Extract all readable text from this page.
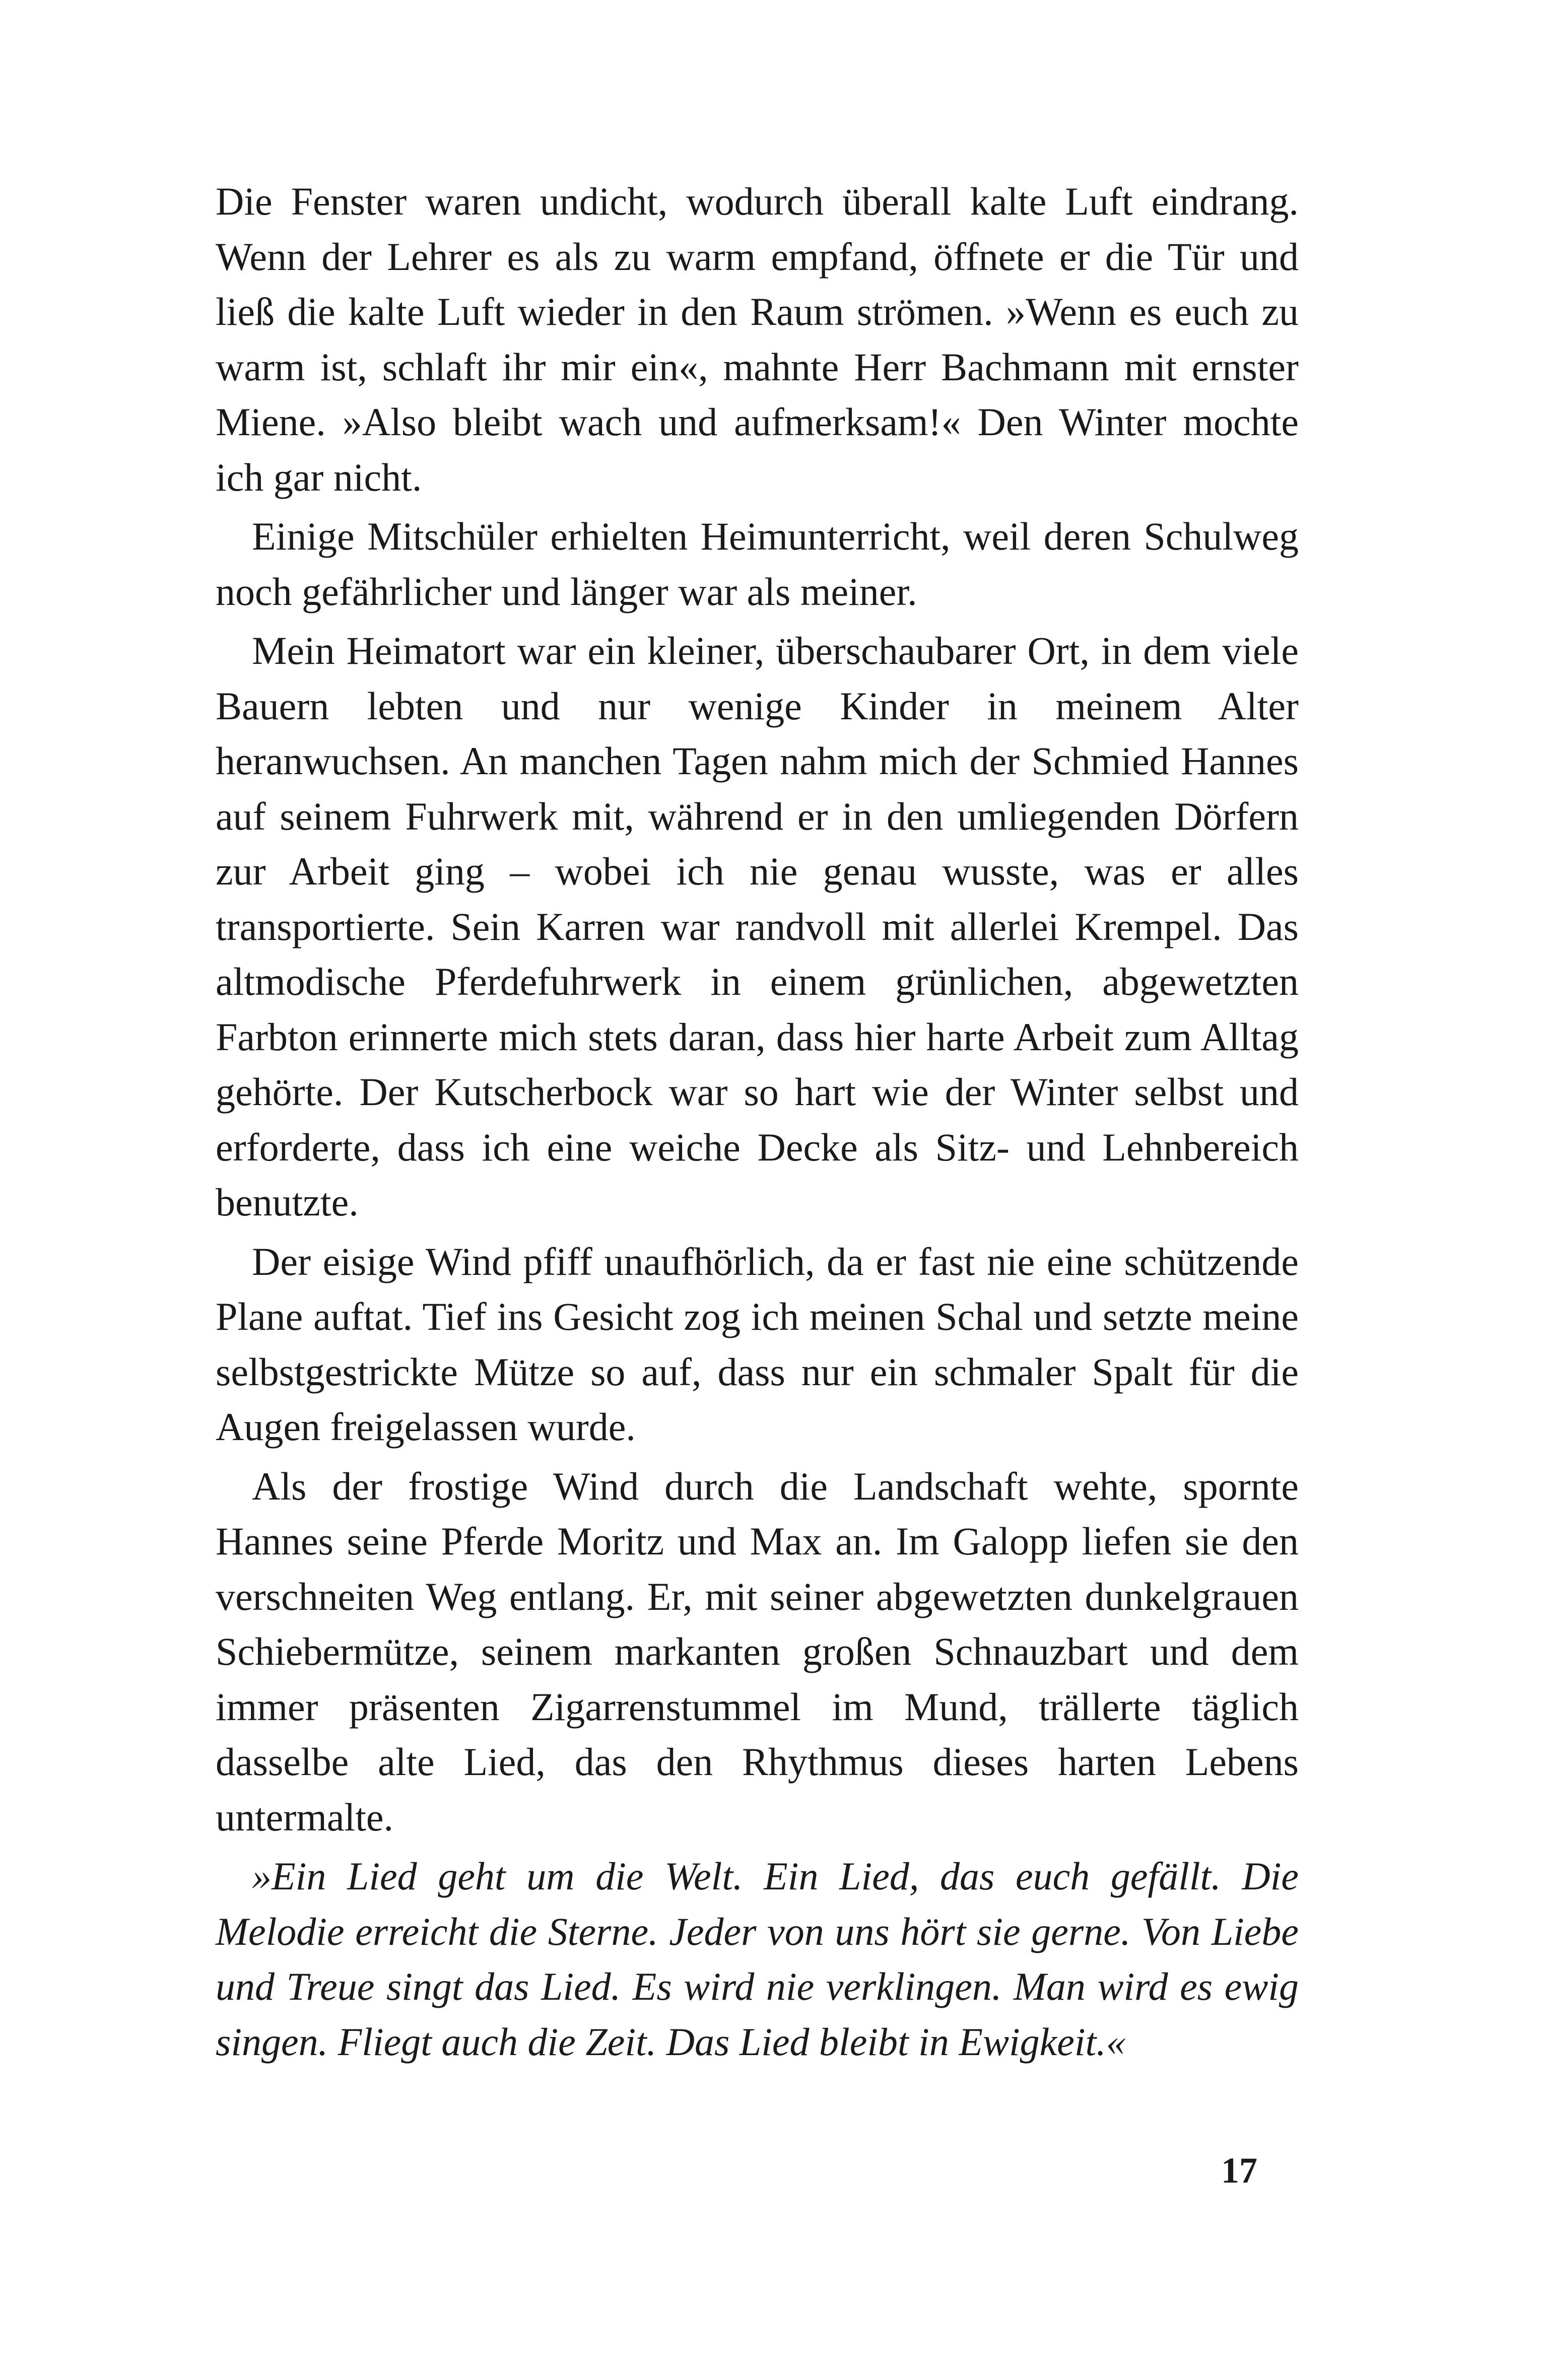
Die Fenster waren undicht, wodurch überall kalte Luft eindrang. Wenn der Lehrer es als zu warm empfand, öffnete er die Tür und ließ die kalte Luft wieder in den Raum strömen. »Wenn es euch zu warm ist, schlaft ihr mir ein«, mahnte Herr Bachmann mit ernster Miene. »Also bleibt wach und aufmerksam!« Den Winter mochte ich gar nicht.

Einige Mitschüler erhielten Heimunterricht, weil deren Schulweg noch gefährlicher und länger war als meiner.

Mein Heimatort war ein kleiner, überschaubarer Ort, in dem viele Bauern lebten und nur wenige Kinder in meinem Alter heranwuchsen. An manchen Tagen nahm mich der Schmied Hannes auf seinem Fuhrwerk mit, während er in den umliegenden Dörfern zur Arbeit ging – wobei ich nie genau wusste, was er alles transportierte. Sein Karren war randvoll mit allerlei Krempel. Das altmodische Pferdefuhrwerk in einem grünlichen, abgewetzten Farbton erinnerte mich stets daran, dass hier harte Arbeit zum Alltag gehörte. Der Kutscherbock war so hart wie der Winter selbst und erforderte, dass ich eine weiche Decke als Sitz- und Lehnbereich benutzte.

Der eisige Wind pfiff unaufhörlich, da er fast nie eine schützende Plane auftat. Tief ins Gesicht zog ich meinen Schal und setzte meine selbstgestrickte Mütze so auf, dass nur ein schmaler Spalt für die Augen freigelassen wurde.

Als der frostige Wind durch die Landschaft wehte, spornte Hannes seine Pferde Moritz und Max an. Im Galopp liefen sie den verschneiten Weg entlang. Er, mit seiner abgewetzten dunkelgrauen Schiebermütze, seinem markanten großen Schnauzbart und dem immer präsenten Zigarrenstummel im Mund, trällerte täglich dasselbe alte Lied, das den Rhythmus dieses harten Lebens untermalte.

»Ein Lied geht um die Welt. Ein Lied, das euch gefällt. Die Melodie erreicht die Sterne. Jeder von uns hört sie gerne. Von Liebe und Treue singt das Lied. Es wird nie verklingen. Man wird es ewig singen. Fliegt auch die Zeit. Das Lied bleibt in Ewigkeit.«

17
